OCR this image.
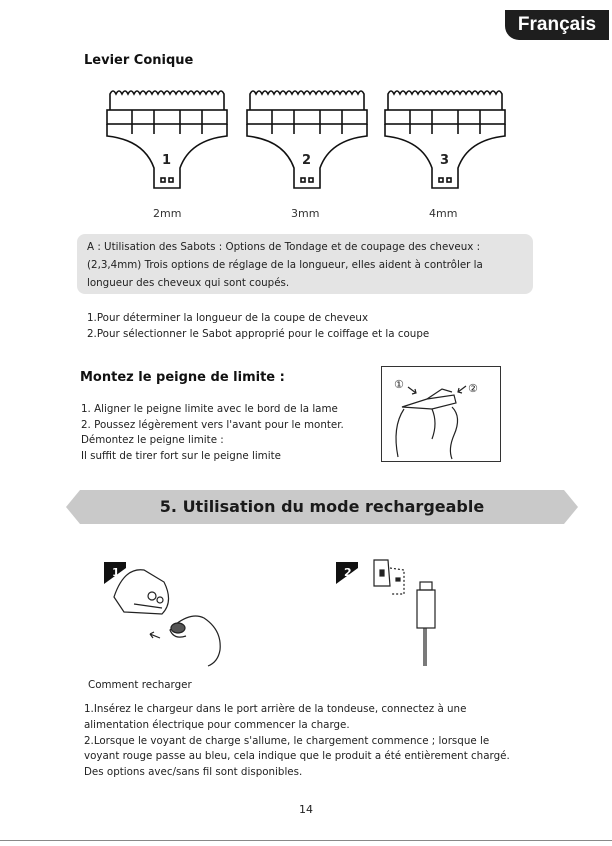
Français
Levier Conique
1	2	3
2mm	3mm	4mm
A : Utilisation des Sabots : Options de Tondage et de coupage des cheveux :
(2,3,4mm) Trois options de réglage de la longueur, elles aident à contrôler la
longueur des cheveux qui sont coupés.
1.Pour déterminer la longueur de la coupe de cheveux
2.Pour sélectionner le Sabot approprié pour le coiffage et la coupe
Montez le peigne de limite :
1. Aligner le peigne limite avec le bord de la lame
2. Poussez légèrement vers l'avant pour le monter.
Démontez le peigne limite :
Il suffit de tirer fort sur le peigne limite
①	②
5. Utilisation du mode rechargeable
1	2
Comment recharger
1.Insérez le chargeur dans le port arrière de la tondeuse, connectez à une
alimentation électrique pour commencer la charge.
2.Lorsque le voyant de charge s'allume, le chargement commence ; lorsque le
voyant rouge passe au bleu, cela indique que le produit a été entièrement chargé.
Des options avec/sans fil sont disponibles.
14
